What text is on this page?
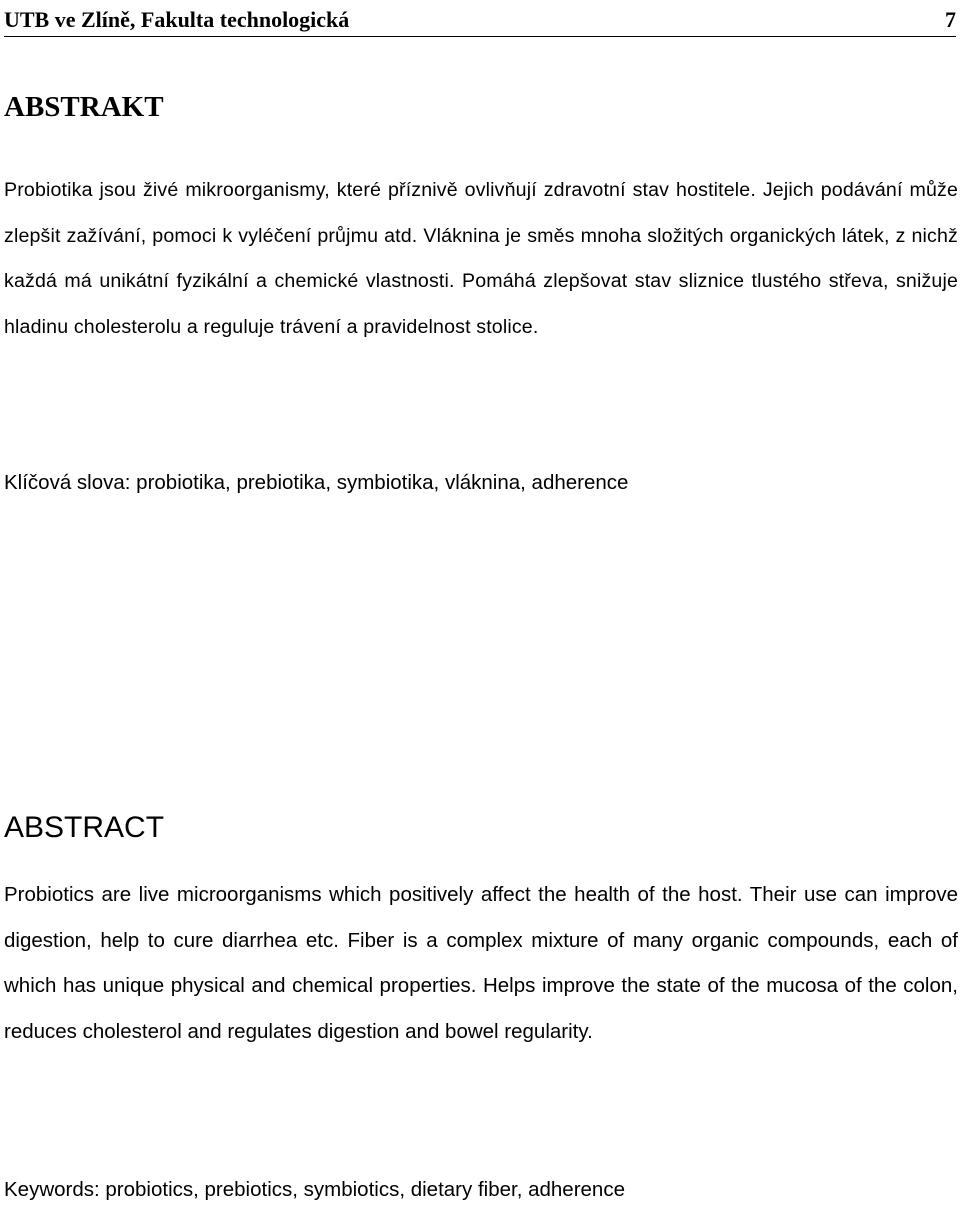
UTB ve Zlíně, Fakulta technologická	7
ABSTRAKT

Probiotika jsou živé mikroorganismy, které příznivě ovlivňují zdravotní stav hostitele. Jejich podávání může zlepšit zažívání, pomoci k vyléčení průjmu atd. Vláknina je směs mnoha složitých organických látek, z nichž každá má unikátní fyzikální a chemické vlastnosti. Pomáhá zlepšovat stav sliznice tlustého střeva, snižuje hladinu cholesterolu a reguluje trávení a pravidelnost stolice.

Klíčová slova: probiotika, prebiotika, symbiotika, vláknina, adherence

ABSTRACT

Probiotics are live microorganisms which positively affect the health of the host. Their use can improve digestion, help to cure diarrhea etc. Fiber is a complex mixture of many organic compounds, each of which has unique physical and chemical properties. Helps improve the state of the mucosa of the colon, reduces cholesterol and regulates digestion and bowel regularity.

Keywords: probiotics, prebiotics, symbiotics, dietary fiber, adherence
